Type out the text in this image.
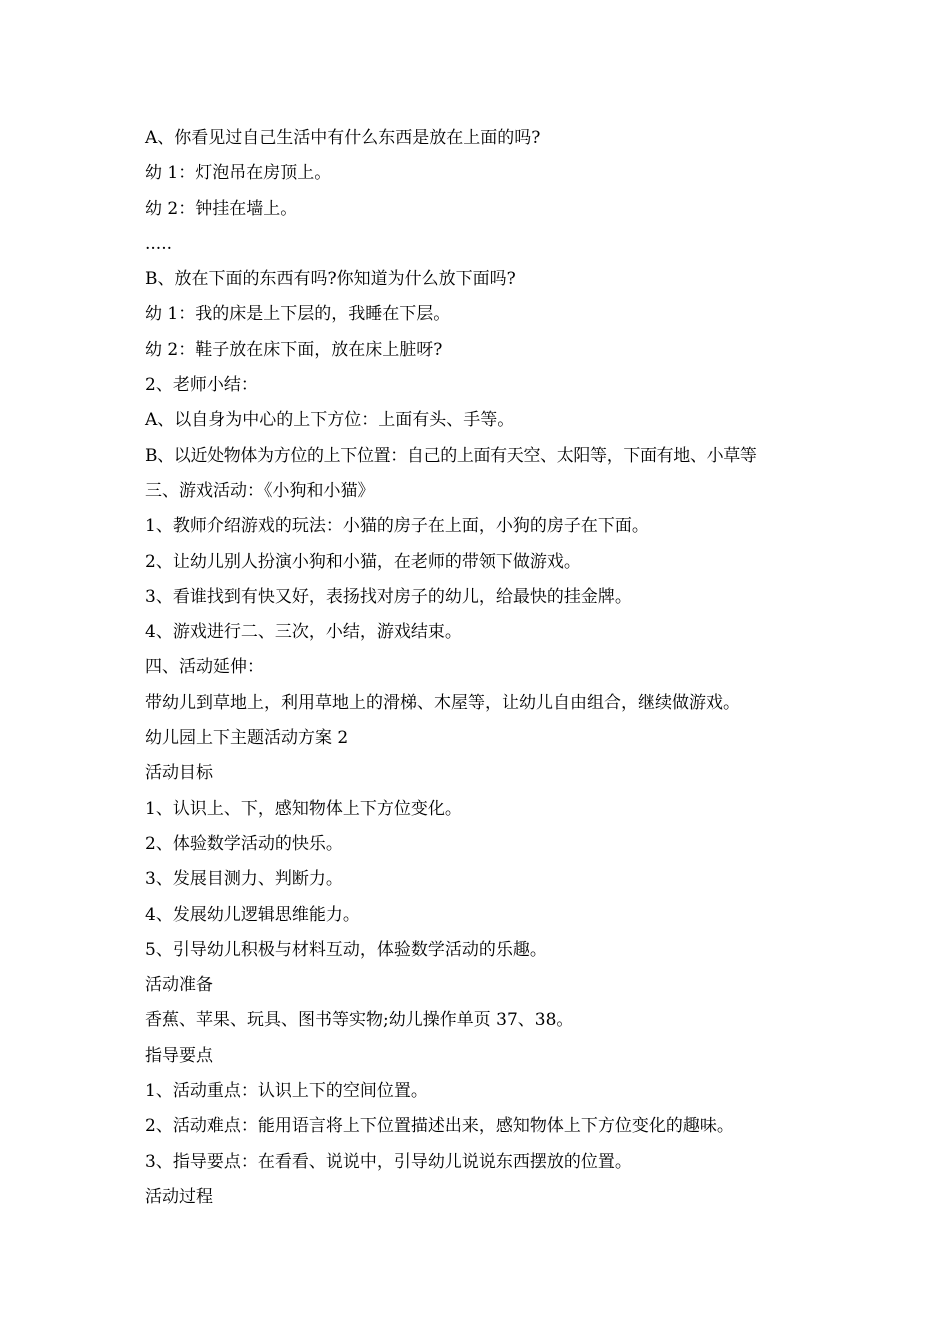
A、你看见过自己生活中有什么东西是放在上面的吗?
幼 1：灯泡吊在房顶上。
幼 2：钟挂在墙上。
.....
B、放在下面的东西有吗?你知道为什么放下面吗?
幼 1：我的床是上下层的，我睡在下层。
幼 2：鞋子放在床下面，放在床上脏呀?
2、老师小结：
A、以自身为中心的上下方位：上面有头、手等。
B、以近处物体为方位的上下位置：自己的上面有天空、太阳等，下面有地、小草等
三、游戏活动：《小狗和小猫》
1、教师介绍游戏的玩法：小猫的房子在上面，小狗的房子在下面。
2、让幼儿别人扮演小狗和小猫，在老师的带领下做游戏。
3、看谁找到有快又好，表扬找对房子的幼儿，给最快的挂金牌。
4、游戏进行二、三次，小结，游戏结束。
四、活动延伸：
带幼儿到草地上，利用草地上的滑梯、木屋等，让幼儿自由组合，继续做游戏。
幼儿园上下主题活动方案 2
活动目标
1、认识上、下，感知物体上下方位变化。
2、体验数学活动的快乐。
3、发展目测力、判断力。
4、发展幼儿逻辑思维能力。
5、引导幼儿积极与材料互动，体验数学活动的乐趣。
活动准备
香蕉、苹果、玩具、图书等实物;幼儿操作单页 37、38。
指导要点
1、活动重点：认识上下的空间位置。
2、活动难点：能用语言将上下位置描述出来，感知物体上下方位变化的趣味。
3、指导要点：在看看、说说中，引导幼儿说说东西摆放的位置。
活动过程
